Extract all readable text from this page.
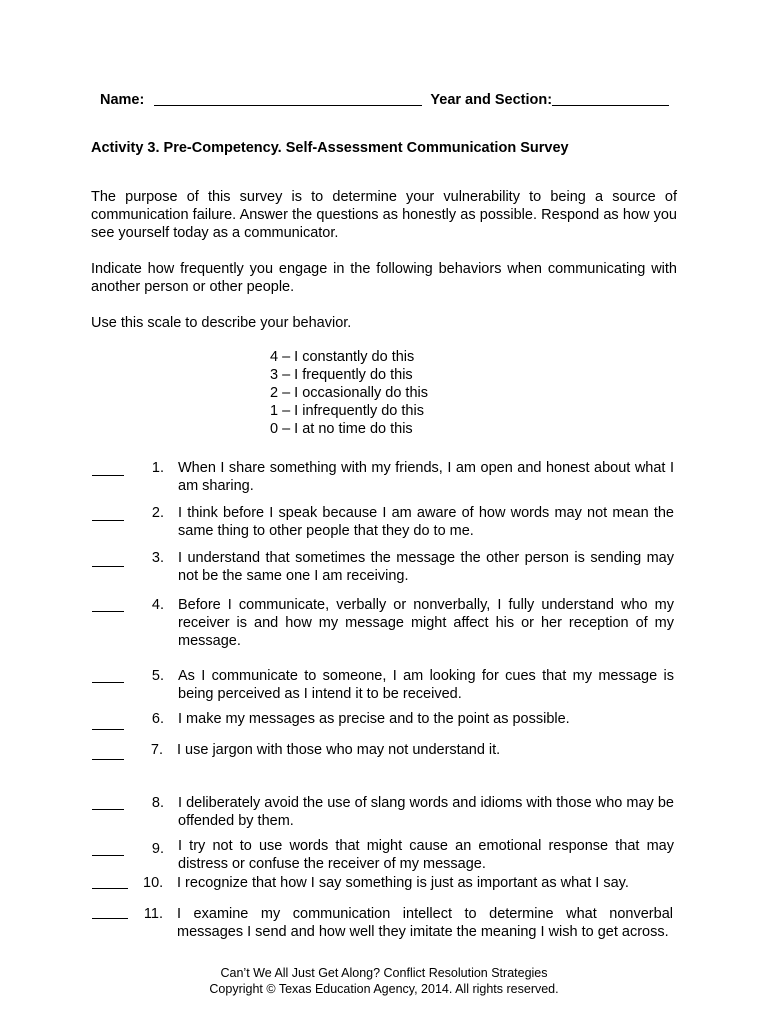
Name:	Year and Section:
Activity 3. Pre-Competency. Self-Assessment Communication Survey
The purpose of this survey is to determine your vulnerability to being a source of communication failure. Answer the questions as honestly as possible. Respond as how you see yourself today as a communicator.
Indicate how frequently you engage in the following behaviors when communicating with another person or other people.
Use this scale to describe your behavior.
4 – I constantly do this
3 – I frequently do this
2 – I occasionally do this
1 – I infrequently do this
0 – I at no time do this
1. When I share something with my friends, I am open and honest about what I am sharing.
2. I think before I speak because I am aware of how words may not mean the same thing to other people that they do to me.
3. I understand that sometimes the message the other person is sending may not be the same one I am receiving.
4. Before I communicate, verbally or nonverbally, I fully understand who my receiver is and how my message might affect his or her reception of my message.
5. As I communicate to someone, I am looking for cues that my message is being perceived as I intend it to be received.
6. I make my messages as precise and to the point as possible.
7. I use jargon with those who may not understand it.
8. I deliberately avoid the use of slang words and idioms with those who may be offended by them.
9. I try not to use words that might cause an emotional response that may distress or confuse the receiver of my message.
10. I recognize that how I say something is just as important as what I say.
11. I examine my communication intellect to determine what nonverbal messages I send and how well they imitate the meaning I wish to get across.
Can’t We All Just Get Along? Conflict Resolution Strategies
Copyright © Texas Education Agency, 2014. All rights reserved.
